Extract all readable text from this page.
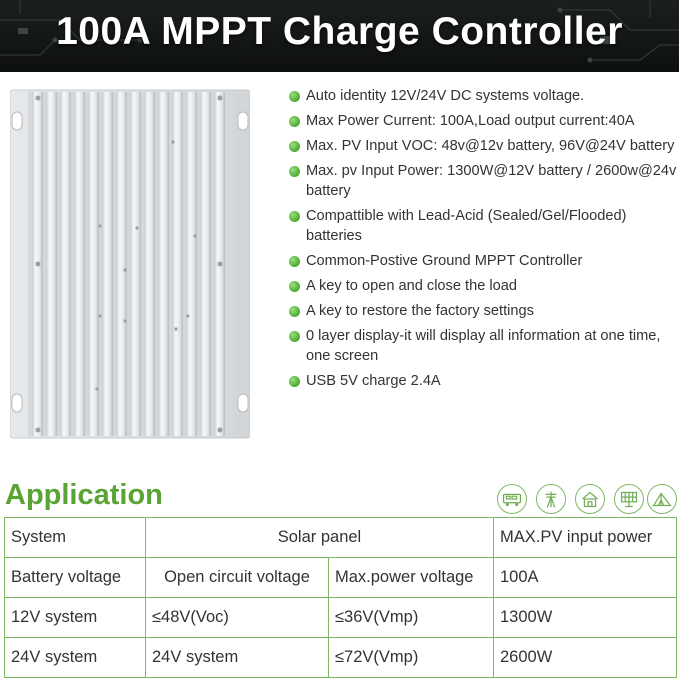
100A MPPT Charge Controller
Auto identity 12V/24V DC systems voltage.
Max Power Current: 100A,Load output current:40A
Max. PV Input VOC: 48v@12v battery, 96V@24V battery
Max. pv Input Power: 1300W@12V battery / 2600w@24v battery
Compattible with Lead-Acid (Sealed/Gel/Flooded) batteries
Common-Postive Ground MPPT Controller
A key to open and close the load
A key to restore the factory settings
0 layer display-it will display all information at one time, one screen
USB 5V charge 2.4A
Application
System	Solar panel		MAX.PV input power
Battery voltage	Open circuit voltage	Max.power voltage	100A
12V system	≤48V(Voc)	≤36V(Vmp)	1300W
24V system	24V system	≤72V(Vmp)	2600W
